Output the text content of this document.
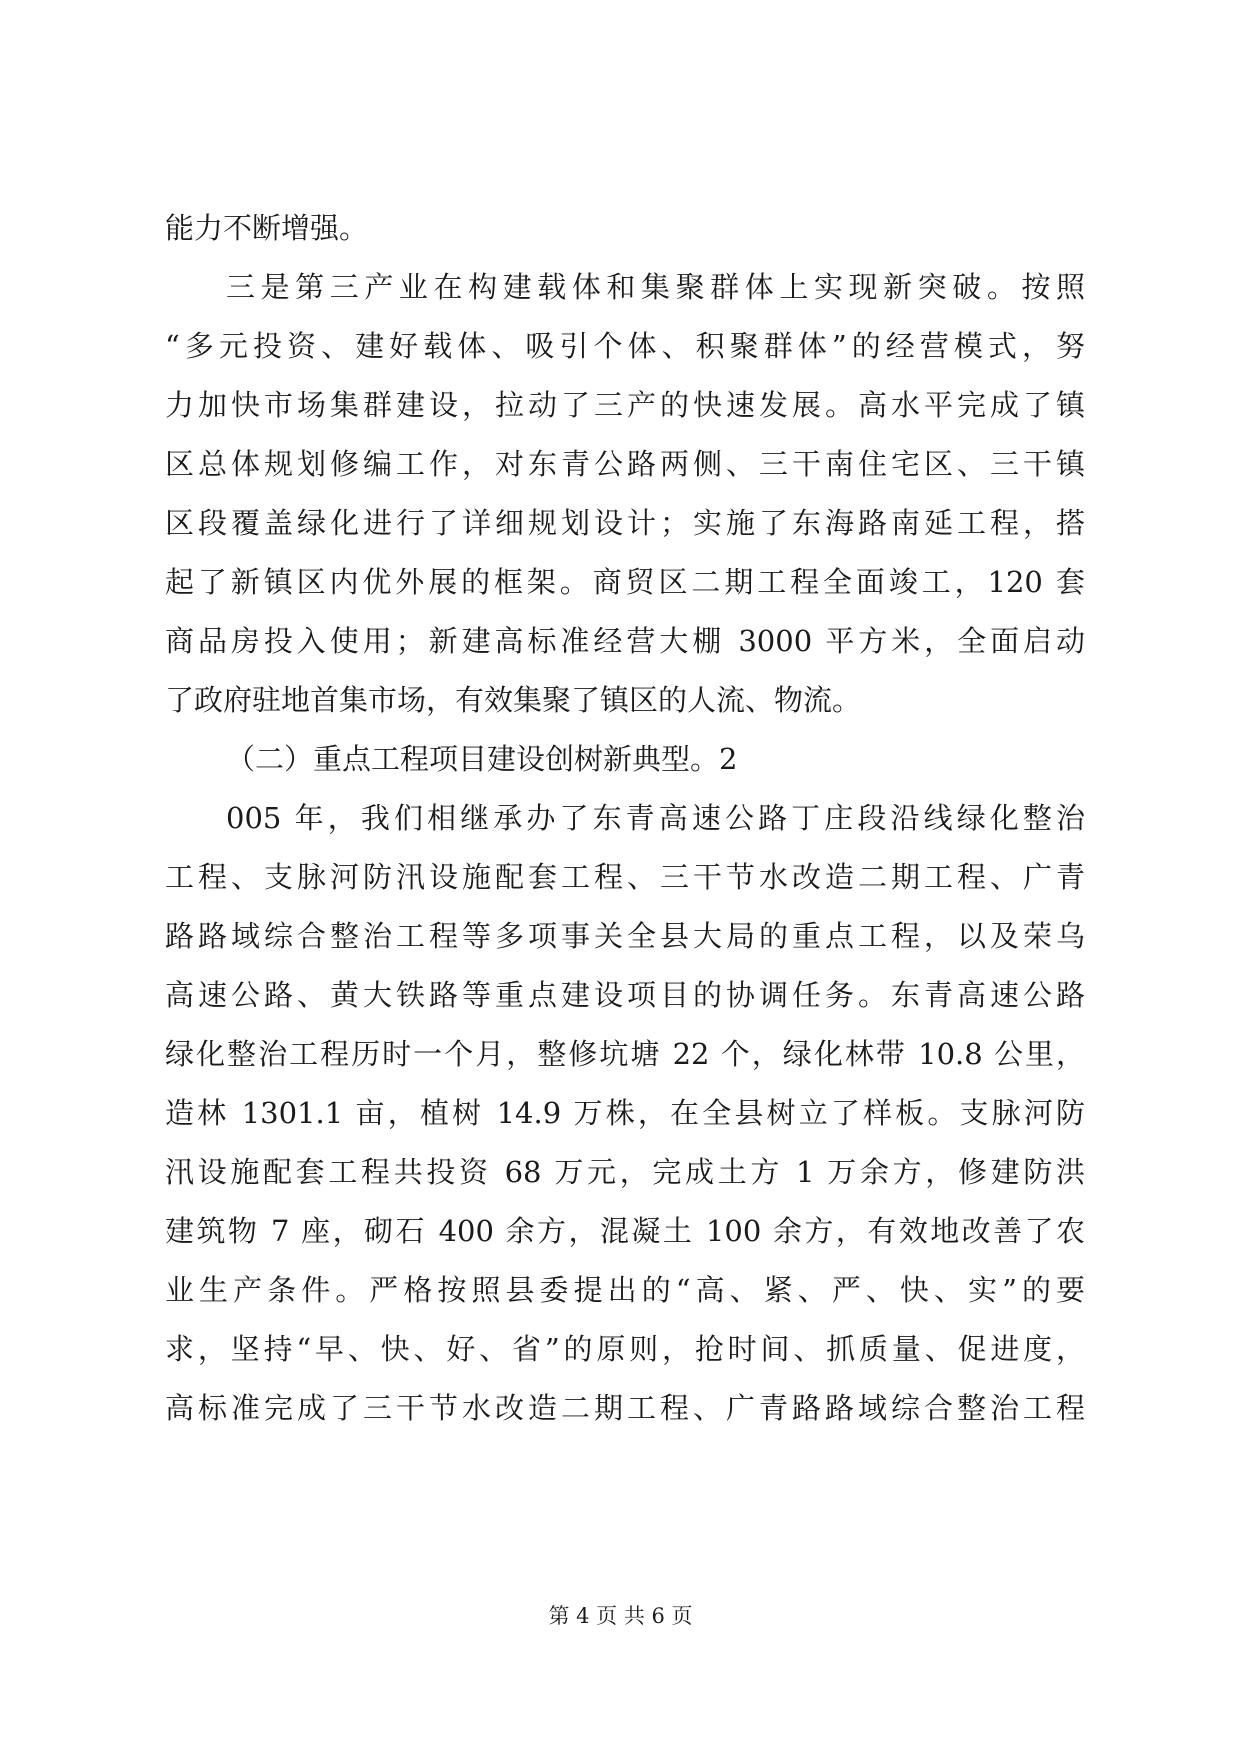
能力不断增强。
三是第三产业在构建载体和集聚群体上实现新突破。按照
“多元投资、建好载体、吸引个体、积聚群体”的经营模式，努
力加快市场集群建设，拉动了三产的快速发展。高水平完成了镇
区总体规划修编工作，对东青公路两侧、三干南住宅区、三干镇
区段覆盖绿化进行了详细规划设计；实施了东海路南延工程，搭
起了新镇区内优外展的框架。商贸区二期工程全面竣工，120 套
商品房投入使用；新建高标准经营大棚 3000 平方米，全面启动
了政府驻地首集市场，有效集聚了镇区的人流、物流。
（二）重点工程项目建设创树新典型。2
005 年，我们相继承办了东青高速公路丁庄段沿线绿化整治
工程、支脉河防汛设施配套工程、三干节水改造二期工程、广青
路路域综合整治工程等多项事关全县大局的重点工程，以及荣乌
高速公路、黄大铁路等重点建设项目的协调任务。东青高速公路
绿化整治工程历时一个月，整修坑塘 22 个，绿化林带 10.8 公里，
造林 1301.1 亩，植树 14.9 万株，在全县树立了样板。支脉河防
汛设施配套工程共投资 68 万元，完成土方 1 万余方，修建防洪
建筑物 7 座，砌石 400 余方，混凝土 100 余方，有效地改善了农
业生产条件。严格按照县委提出的“高、紧、严、快、实”的要
求，坚持“早、快、好、省”的原则，抢时间、抓质量、促进度，
高标准完成了三干节水改造二期工程、广青路路域综合整治工程
第 4 页 共 6 页
